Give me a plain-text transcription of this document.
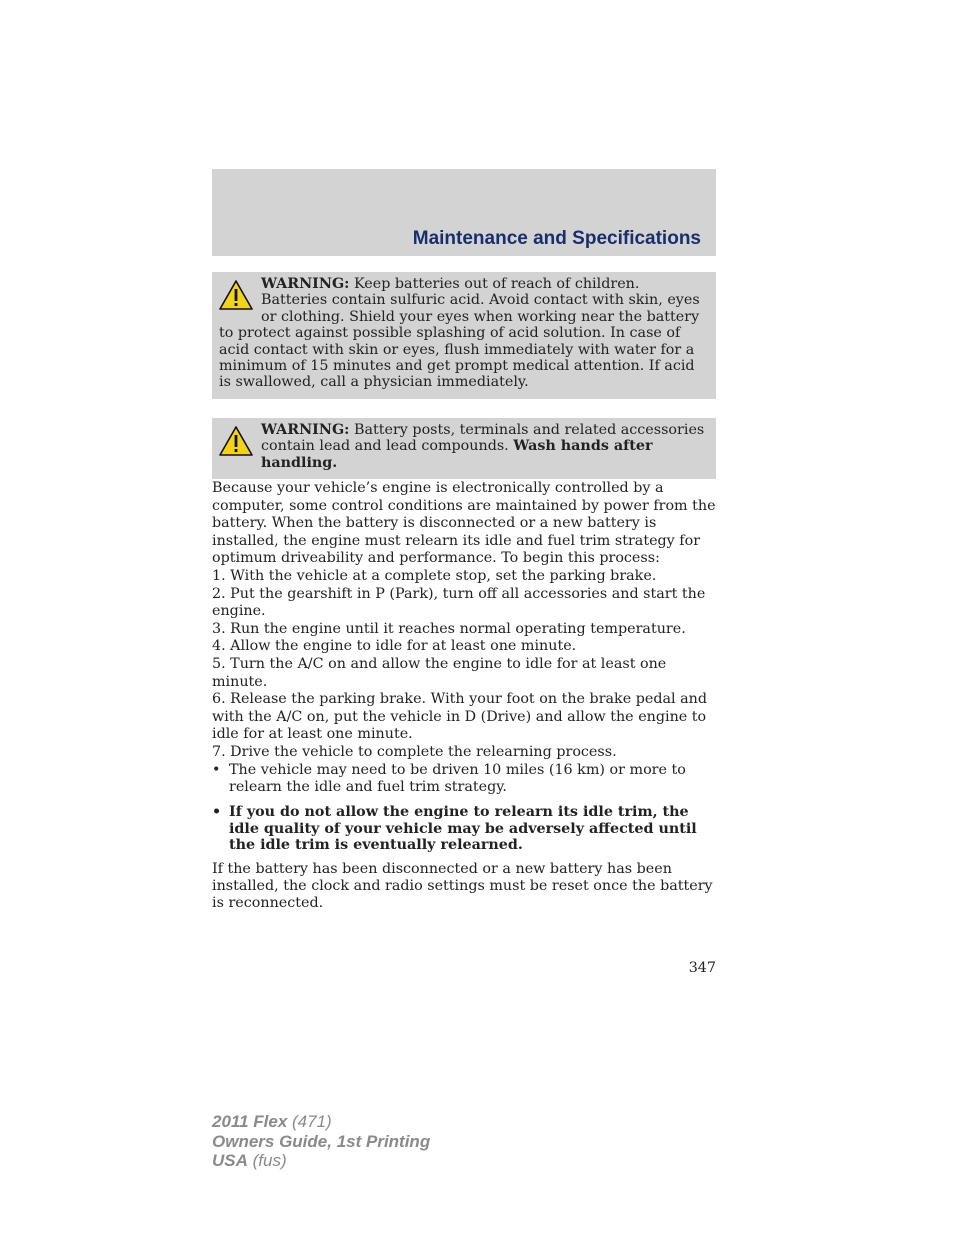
Maintenance and Specifications
WARNING: Keep batteries out of reach of children. Batteries contain sulfuric acid. Avoid contact with skin, eyes or clothing. Shield your eyes when working near the battery to protect against possible splashing of acid solution. In case of acid contact with skin or eyes, flush immediately with water for a minimum of 15 minutes and get prompt medical attention. If acid is swallowed, call a physician immediately.
WARNING: Battery posts, terminals and related accessories contain lead and lead compounds. Wash hands after handling.

Because your vehicle’s engine is electronically controlled by a computer, some control conditions are maintained by power from the battery. When the battery is disconnected or a new battery is installed, the engine must relearn its idle and fuel trim strategy for optimum driveability and performance. To begin this process:

1. With the vehicle at a complete stop, set the parking brake.

2. Put the gearshift in P (Park), turn off all accessories and start the engine.

3. Run the engine until it reaches normal operating temperature.

4. Allow the engine to idle for at least one minute.

5. Turn the A/C on and allow the engine to idle for at least one minute.

6. Release the parking brake. With your foot on the brake pedal and with the A/C on, put the vehicle in D (Drive) and allow the engine to idle for at least one minute.

7. Drive the vehicle to complete the relearning process.

• The vehicle may need to be driven 10 miles (16 km) or more to relearn the idle and fuel trim strategy.
• If you do not allow the engine to relearn its idle trim, the idle quality of your vehicle may be adversely affected until the idle trim is eventually relearned.

If the battery has been disconnected or a new battery has been installed, the clock and radio settings must be reset once the battery is reconnected.

347
2011 Flex (471)
Owners Guide, 1st Printing
USA (fus)
